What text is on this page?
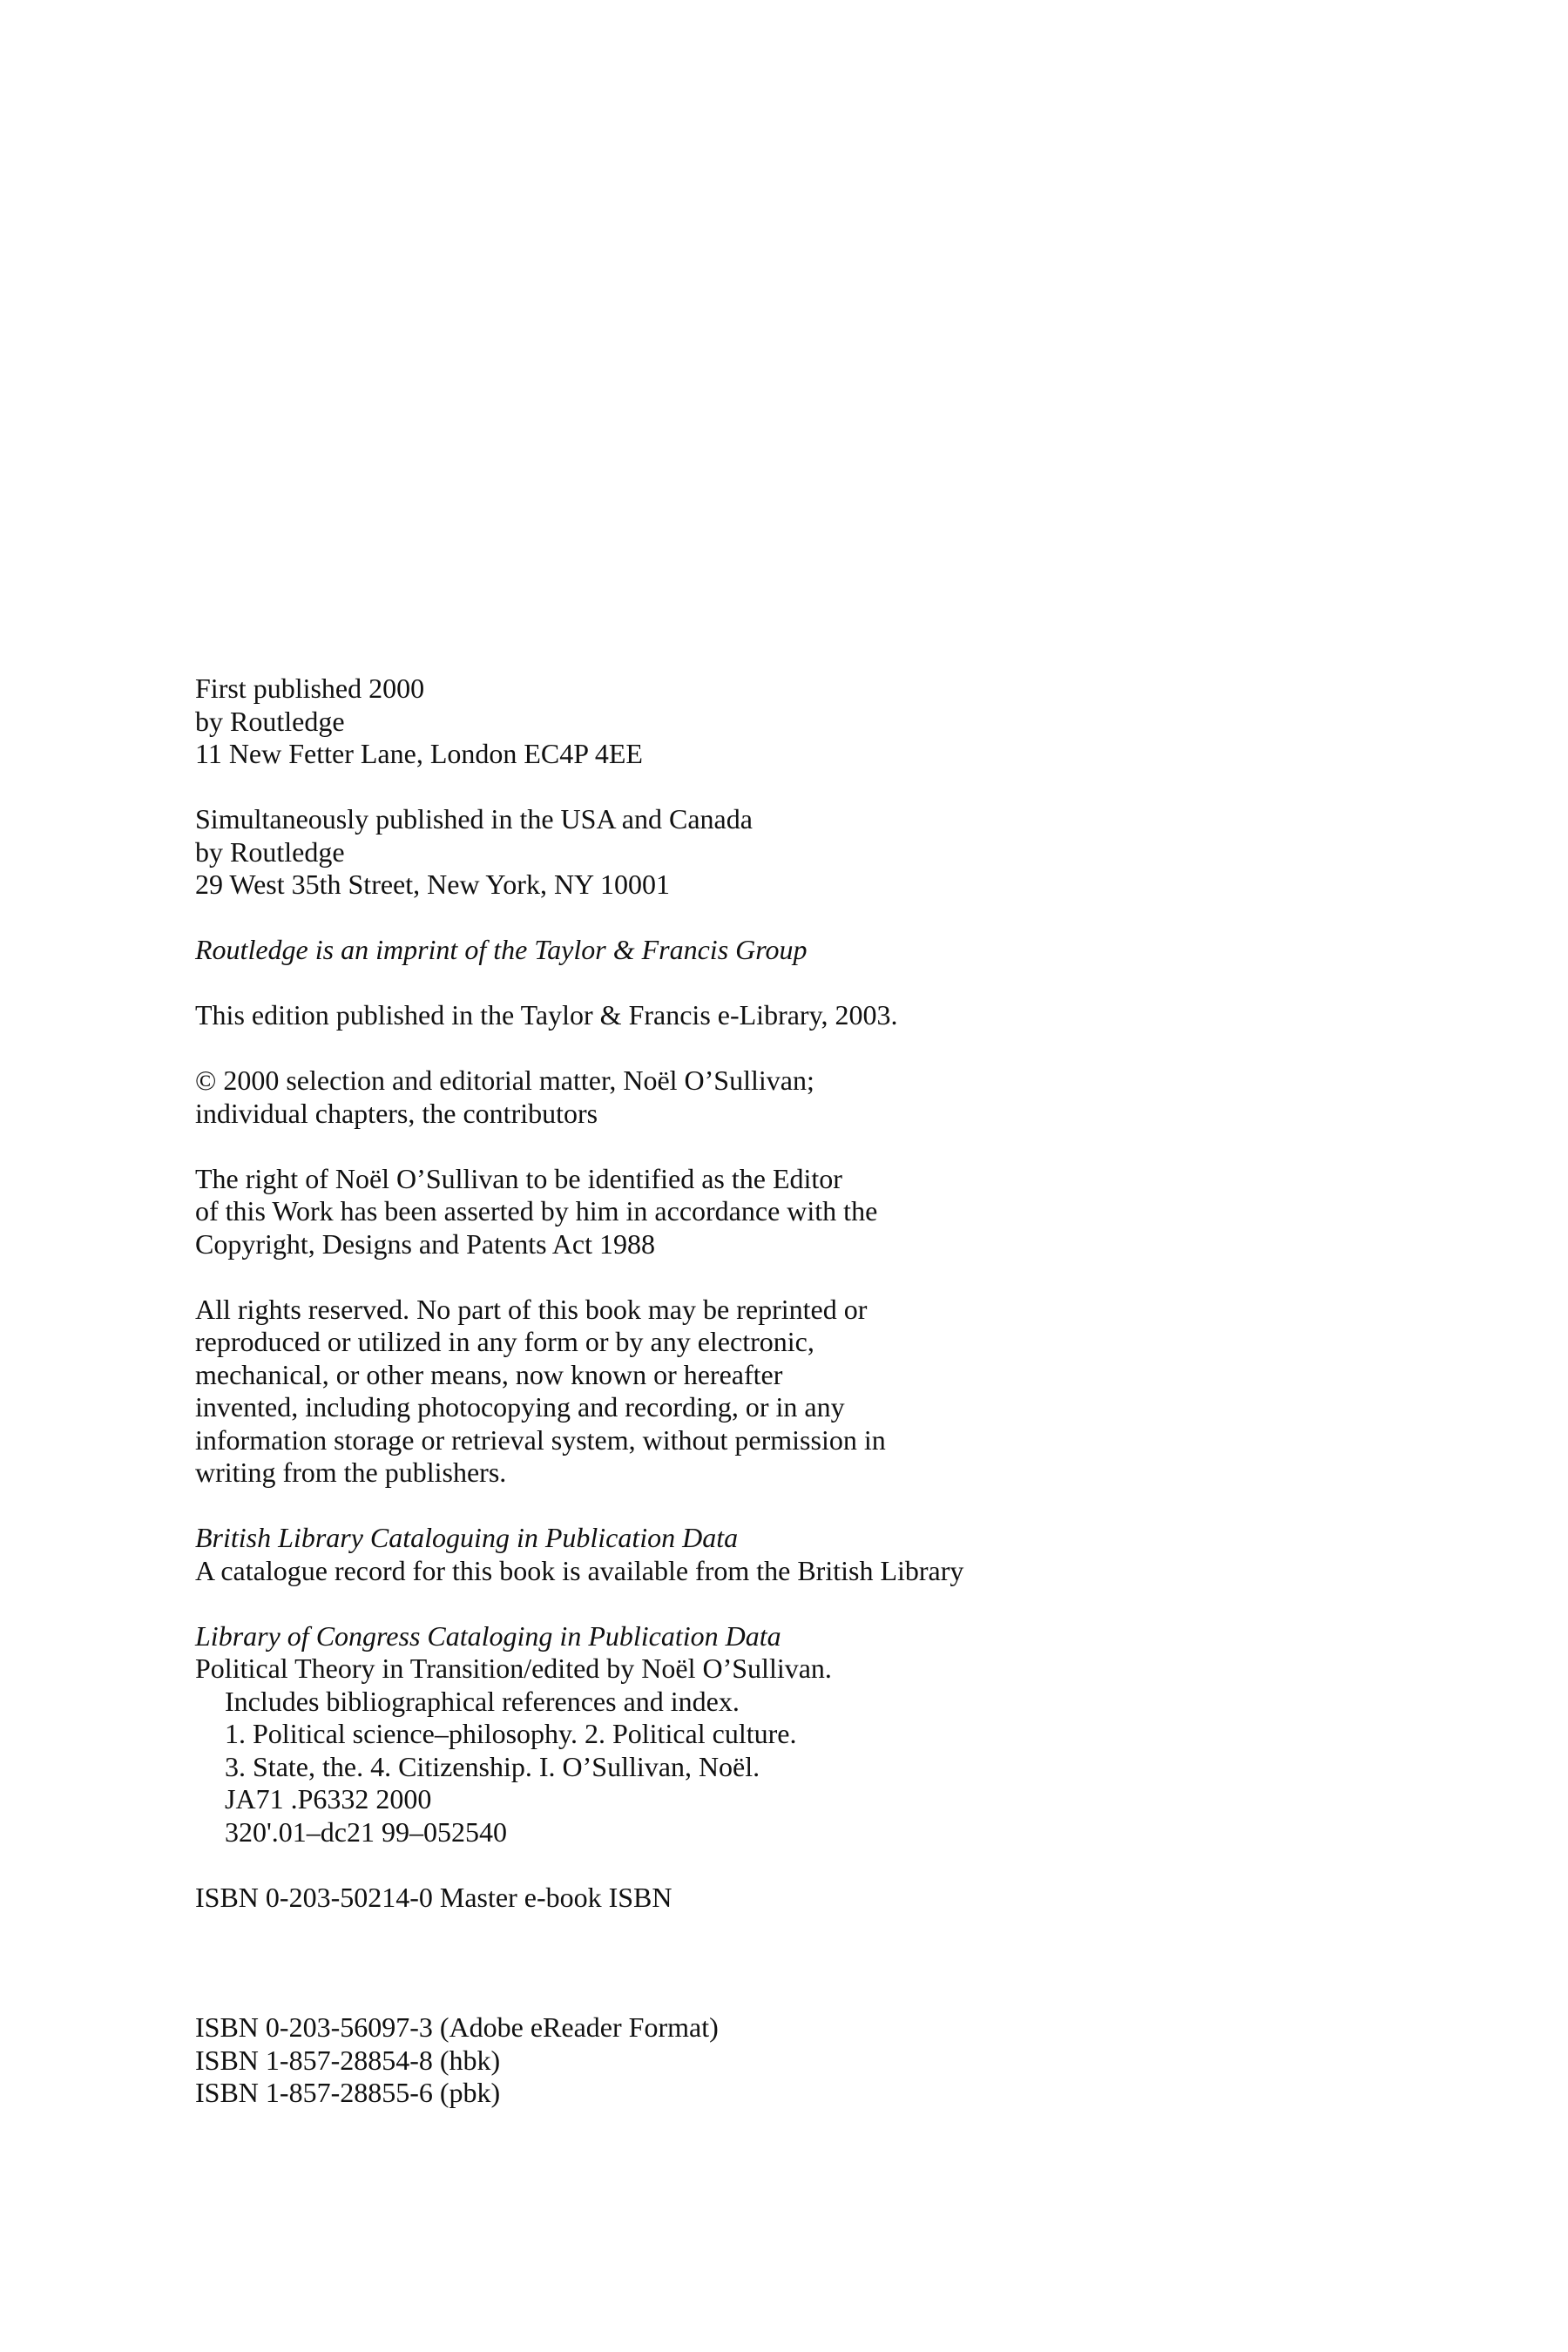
First published 2000

by Routledge

11 New Fetter Lane, London EC4P 4EE

Simultaneously published in the USA and Canada

by Routledge

29 West 35th Street, New York, NY 10001

Routledge is an imprint of the Taylor & Francis Group

This edition published in the Taylor & Francis e-Library, 2003.

© 2000 selection and editorial matter, Noël O’Sullivan;

individual chapters, the contributors

The right of Noël O’Sullivan to be identified as the Editor

of this Work has been asserted by him in accordance with the

Copyright, Designs and Patents Act 1988

All rights reserved. No part of this book may be reprinted or

reproduced or utilized in any form or by any electronic,

mechanical, or other means, now known or hereafter

invented, including photocopying and recording, or in any

information storage or retrieval system, without permission in

writing from the publishers.

British Library Cataloguing in Publication Data

A catalogue record for this book is available from the British Library

Library of Congress Cataloging in Publication Data

Political Theory in Transition/edited by Noël O’Sullivan.

Includes bibliographical references and index.

1. Political science–philosophy. 2. Political culture.

3. State, the. 4. Citizenship. I. O’Sullivan, Noël.

JA71 .P6332 2000

320'.01–dc21 99–052540

ISBN 0-203-50214-0 Master e-book ISBN

ISBN 0-203-56097-3 (Adobe eReader Format)

ISBN 1-857-28854-8 (hbk)

ISBN 1-857-28855-6 (pbk)
